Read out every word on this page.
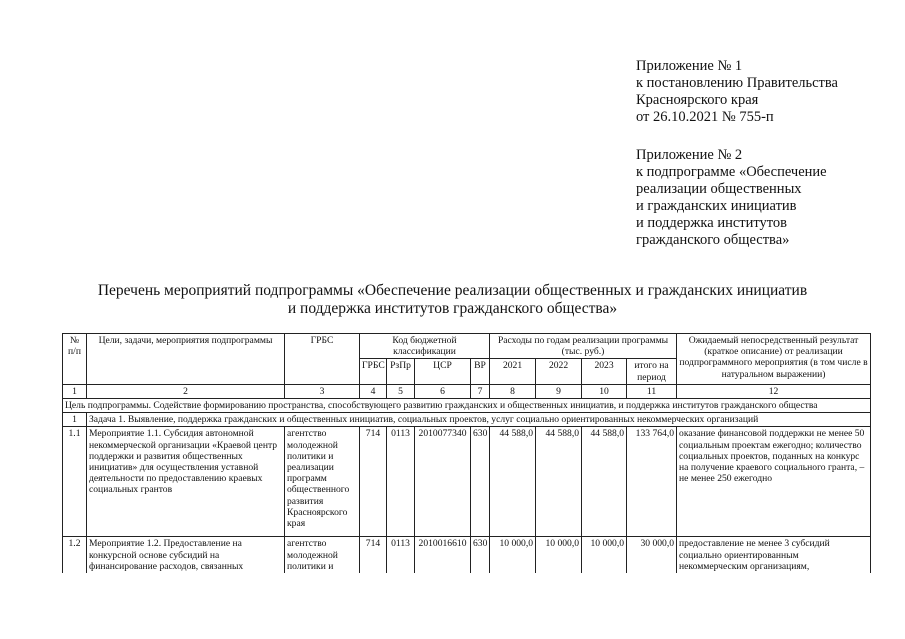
Приложение № 1
к постановлению Правительства
Красноярского края
от 26.10.2021 № 755-п
Приложение № 2
к подпрограмме «Обеспечение
реализации общественных
и гражданских инициатив
и поддержка институтов
гражданского общества»
Перечень мероприятий подпрограммы «Обеспечение реализации общественных и гражданских инициатив
и поддержка институтов гражданского общества»
№ п/п	Цели, задачи, мероприятия подпрограммы	ГРБС	Код бюджетной классификации				Расходы по годам реализации программы (тыс. руб.)				Ожидаемый непосредственный результат (краткое описание) от реализации подпрограммного мероприятия (в том числе в натуральном выражении)
			ГРБС	РзПр	ЦСР	ВР	2021	2022	2023	итого на период	
1	2	3	4	5	6	7	8	9	10	11	12
Цель подпрограммы. Содействие формированию пространства, способствующего развитию гражданских и общественных инициатив, и поддержка институтов гражданского общества											
1	Задача 1. Выявление, поддержка гражданских и общественных инициатив, социальных проектов, услуг социально ориентированных некоммерческих организаций										
1.1	Мероприятие 1.1. Субсидия автономной некоммерческой организации «Краевой центр поддержки и развития общественных инициатив» для осуществления уставной деятельности по предоставлению краевых социальных грантов	агентство молодежной политики и реализации программ общественного развития Красноярского края	714	0113	2010077340	630	44 588,0	44 588,0	44 588,0	133 764,0	оказание финансовой поддержки не менее 50 социальным проектам ежегодно; количество социальных проектов, поданных на конкурс на получение краевого социального гранта, – не менее 250 ежегодно
1.2	Мероприятие 1.2. Предоставление на конкурсной основе субсидий на финансирование расходов, связанных	агентство молодежной политики и	714	0113	2010016610	630	10 000,0	10 000,0	10 000,0	30 000,0	предоставление не менее 3 субсидий социально ориентированным некоммерческим организациям,
